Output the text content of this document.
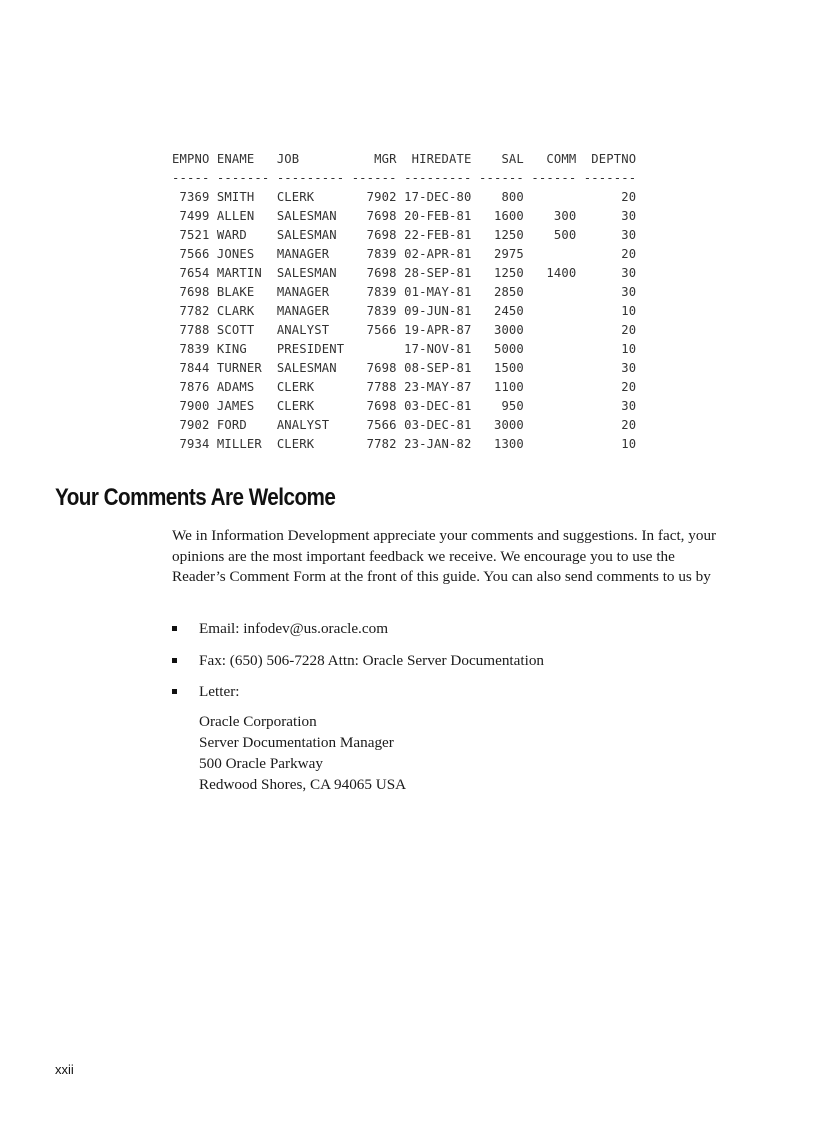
EMPNO ENAME   JOB          MGR  HIREDATE    SAL   COMM  DEPTNO
----- ------- --------- ------ --------- ------ ------ -------
7369 SMITH   CLERK       7902 17-DEC-80    800             20
7499 ALLEN   SALESMAN    7698 20-FEB-81   1600    300      30
7521 WARD    SALESMAN    7698 22-FEB-81   1250    500      30
7566 JONES   MANAGER     7839 02-APR-81   2975             20
7654 MARTIN  SALESMAN    7698 28-SEP-81   1250   1400      30
7698 BLAKE   MANAGER     7839 01-MAY-81   2850             30
7782 CLARK   MANAGER     7839 09-JUN-81   2450             10
7788 SCOTT   ANALYST     7566 19-APR-87   3000             20
7839 KING    PRESIDENT        17-NOV-81   5000             10
7844 TURNER  SALESMAN    7698 08-SEP-81   1500             30
7876 ADAMS   CLERK       7788 23-MAY-87   1100             20
7900 JAMES   CLERK       7698 03-DEC-81    950             30
7902 FORD    ANALYST     7566 03-DEC-81   3000             20
7934 MILLER  CLERK       7782 23-JAN-82   1300             10
Your Comments Are Welcome

We in Information Development appreciate your comments and suggestions. In fact, your opinions are the most important feedback we receive. We encourage you to use the Reader’s Comment Form at the front of this guide. You can also send comments to us by

Email: infodev@us.oracle.com
Fax: (650) 506-7228 Attn: Oracle Server Documentation
Letter:
Oracle Corporation
Server Documentation Manager
500 Oracle Parkway
Redwood Shores, CA 94065 USA
xxii
